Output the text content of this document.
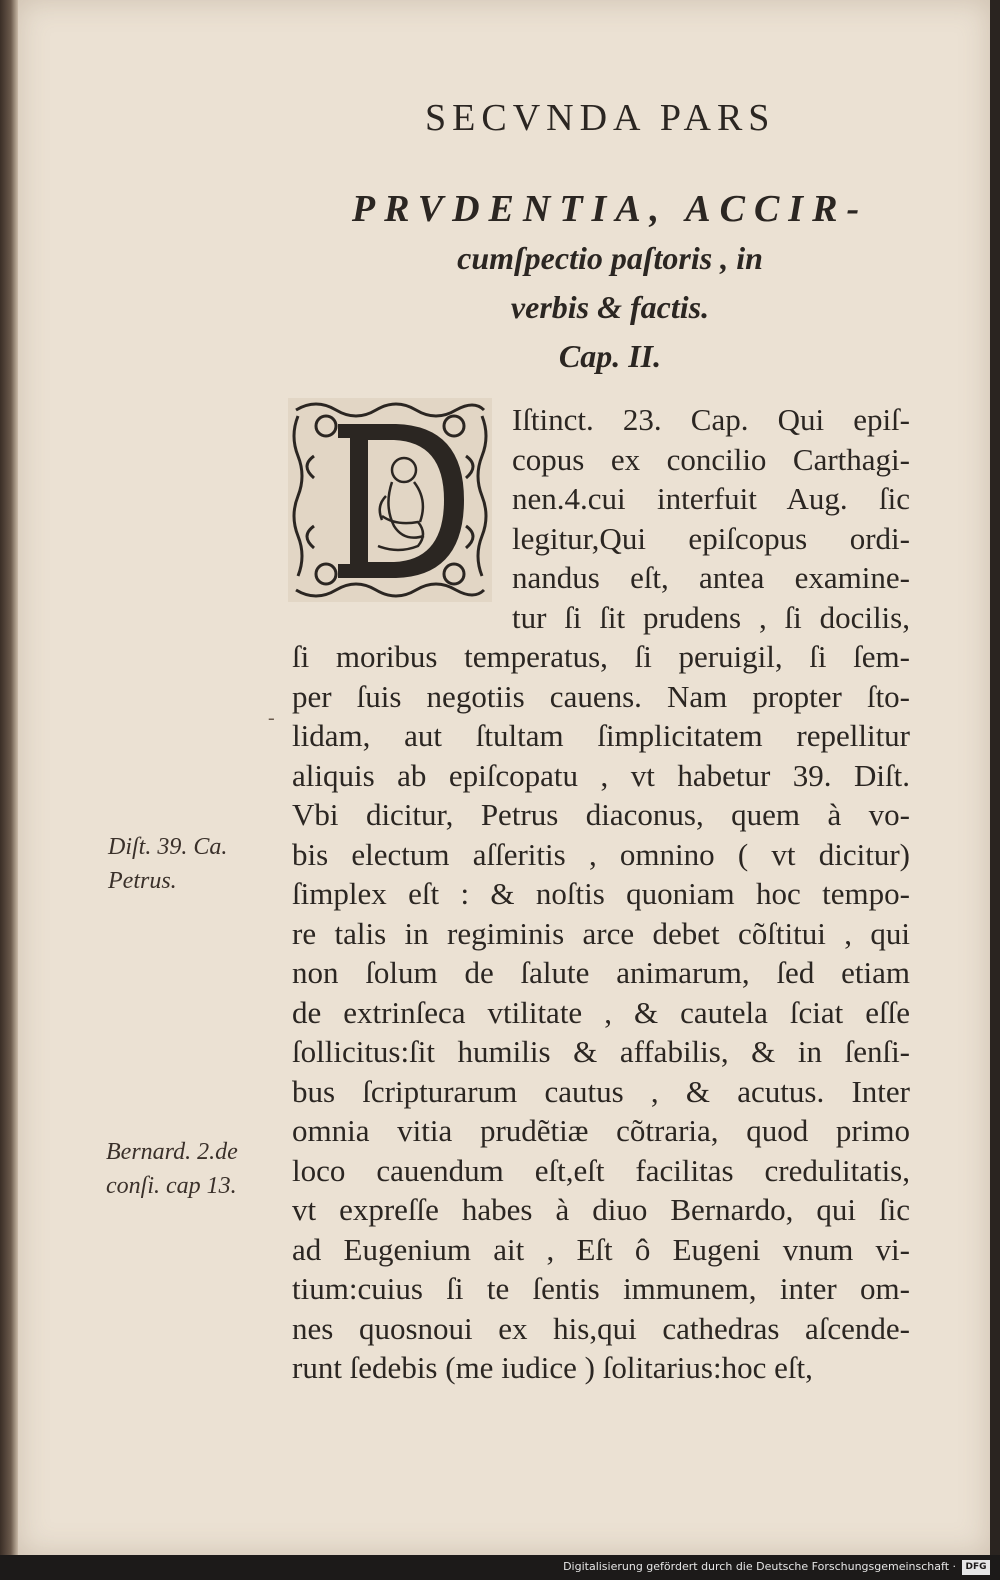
SECVNDA PARS
PRVDENTIA, ACCIR-
cumſpectio paſtoris , in
verbis & factis.
Cap. II.
Iſtinct. 23. Cap. Qui epiſ-
copus ex concilio Carthagi-
nen.4.cui interfuit Aug. ſic
legitur,Qui epiſcopus ordi-
nandus eſt, antea examine-
tur ſi ſit prudens , ſi docilis,
-
ſi moribus temperatus, ſi peruigil, ſi ſem-
per ſuis negotiis cauens. Nam propter ſto-
lidam, aut ſtultam ſimplicitatem repellitur
aliquis ab epiſcopatu , vt habetur 39. Diſt.
Vbi dicitur, Petrus diaconus, quem à vo-
bis electum aſſeritis , omnino ( vt dicitur)
ſimplex eſt : & noſtis quoniam hoc tempo-
re talis in regiminis arce debet cõſtitui , qui
non ſolum de ſalute animarum, ſed etiam
de extrinſeca vtilitate , & cautela ſciat eſſe
ſollicitus:ſit humilis & affabilis, & in ſenſi-
bus ſcripturarum cautus , & acutus. Inter
omnia vitia prudẽtiæ cõtraria, quod primo
loco cauendum eſt,eſt facilitas credulitatis,
vt expreſſe habes à diuo Bernardo, qui ſic
ad Eugenium ait , Eſt ô Eugeni vnum vi-
tium:cuius ſi te ſentis immunem, inter om-
nes quosnoui ex his,qui cathedras aſcende-
runt ſedebis (me iudice ) ſolitarius:hoc eſt,
Diſt. 39. Ca.
Petrus.
Bernard. 2.de
conſi. cap 13.
Digitalisierung gefördert durch die Deutsche Forschungsgemeinschaft ·	DFG
